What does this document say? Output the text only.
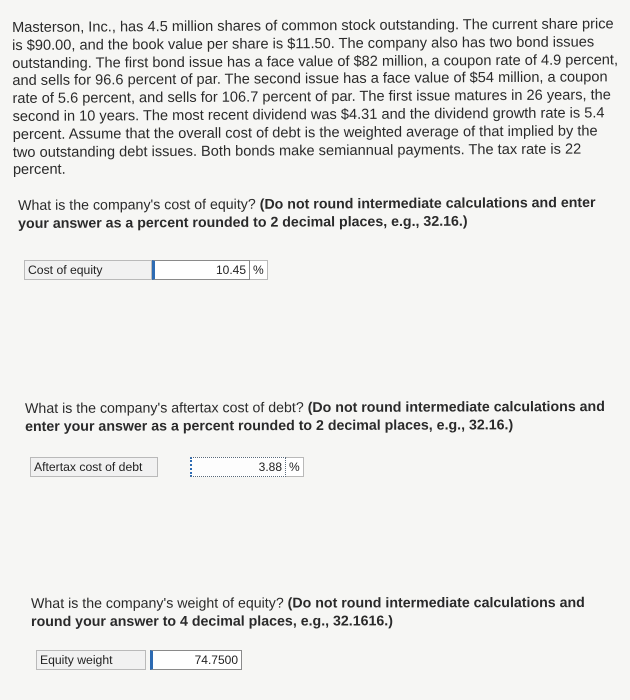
Masterson, Inc., has 4.5 million shares of common stock outstanding. The current share price is $90.00, and the book value per share is $11.50. The company also has two bond issues outstanding. The first bond issue has a face value of $82 million, a coupon rate of 4.9 percent, and sells for 96.6 percent of par. The second issue has a face value of $54 million, a coupon rate of 5.6 percent, and sells for 106.7 percent of par. The first issue matures in 26 years, the second in 10 years. The most recent dividend was $4.31 and the dividend growth rate is 5.4 percent. Assume that the overall cost of debt is the weighted average of that implied by the two outstanding debt issues. Both bonds make semiannual payments. The tax rate is 22 percent.

What is the company's cost of equity? (Do not round intermediate calculations and enter your answer as a percent rounded to 2 decimal places, e.g., 32.16.)

Cost of equity	10.45 %

What is the company's aftertax cost of debt? (Do not round intermediate calculations and enter your answer as a percent rounded to 2 decimal places, e.g., 32.16.)

Aftertax cost of debt	3.88 %

What is the company's weight of equity? (Do not round intermediate calculations and round your answer to 4 decimal places, e.g., 32.1616.)

Equity weight	74.7500
